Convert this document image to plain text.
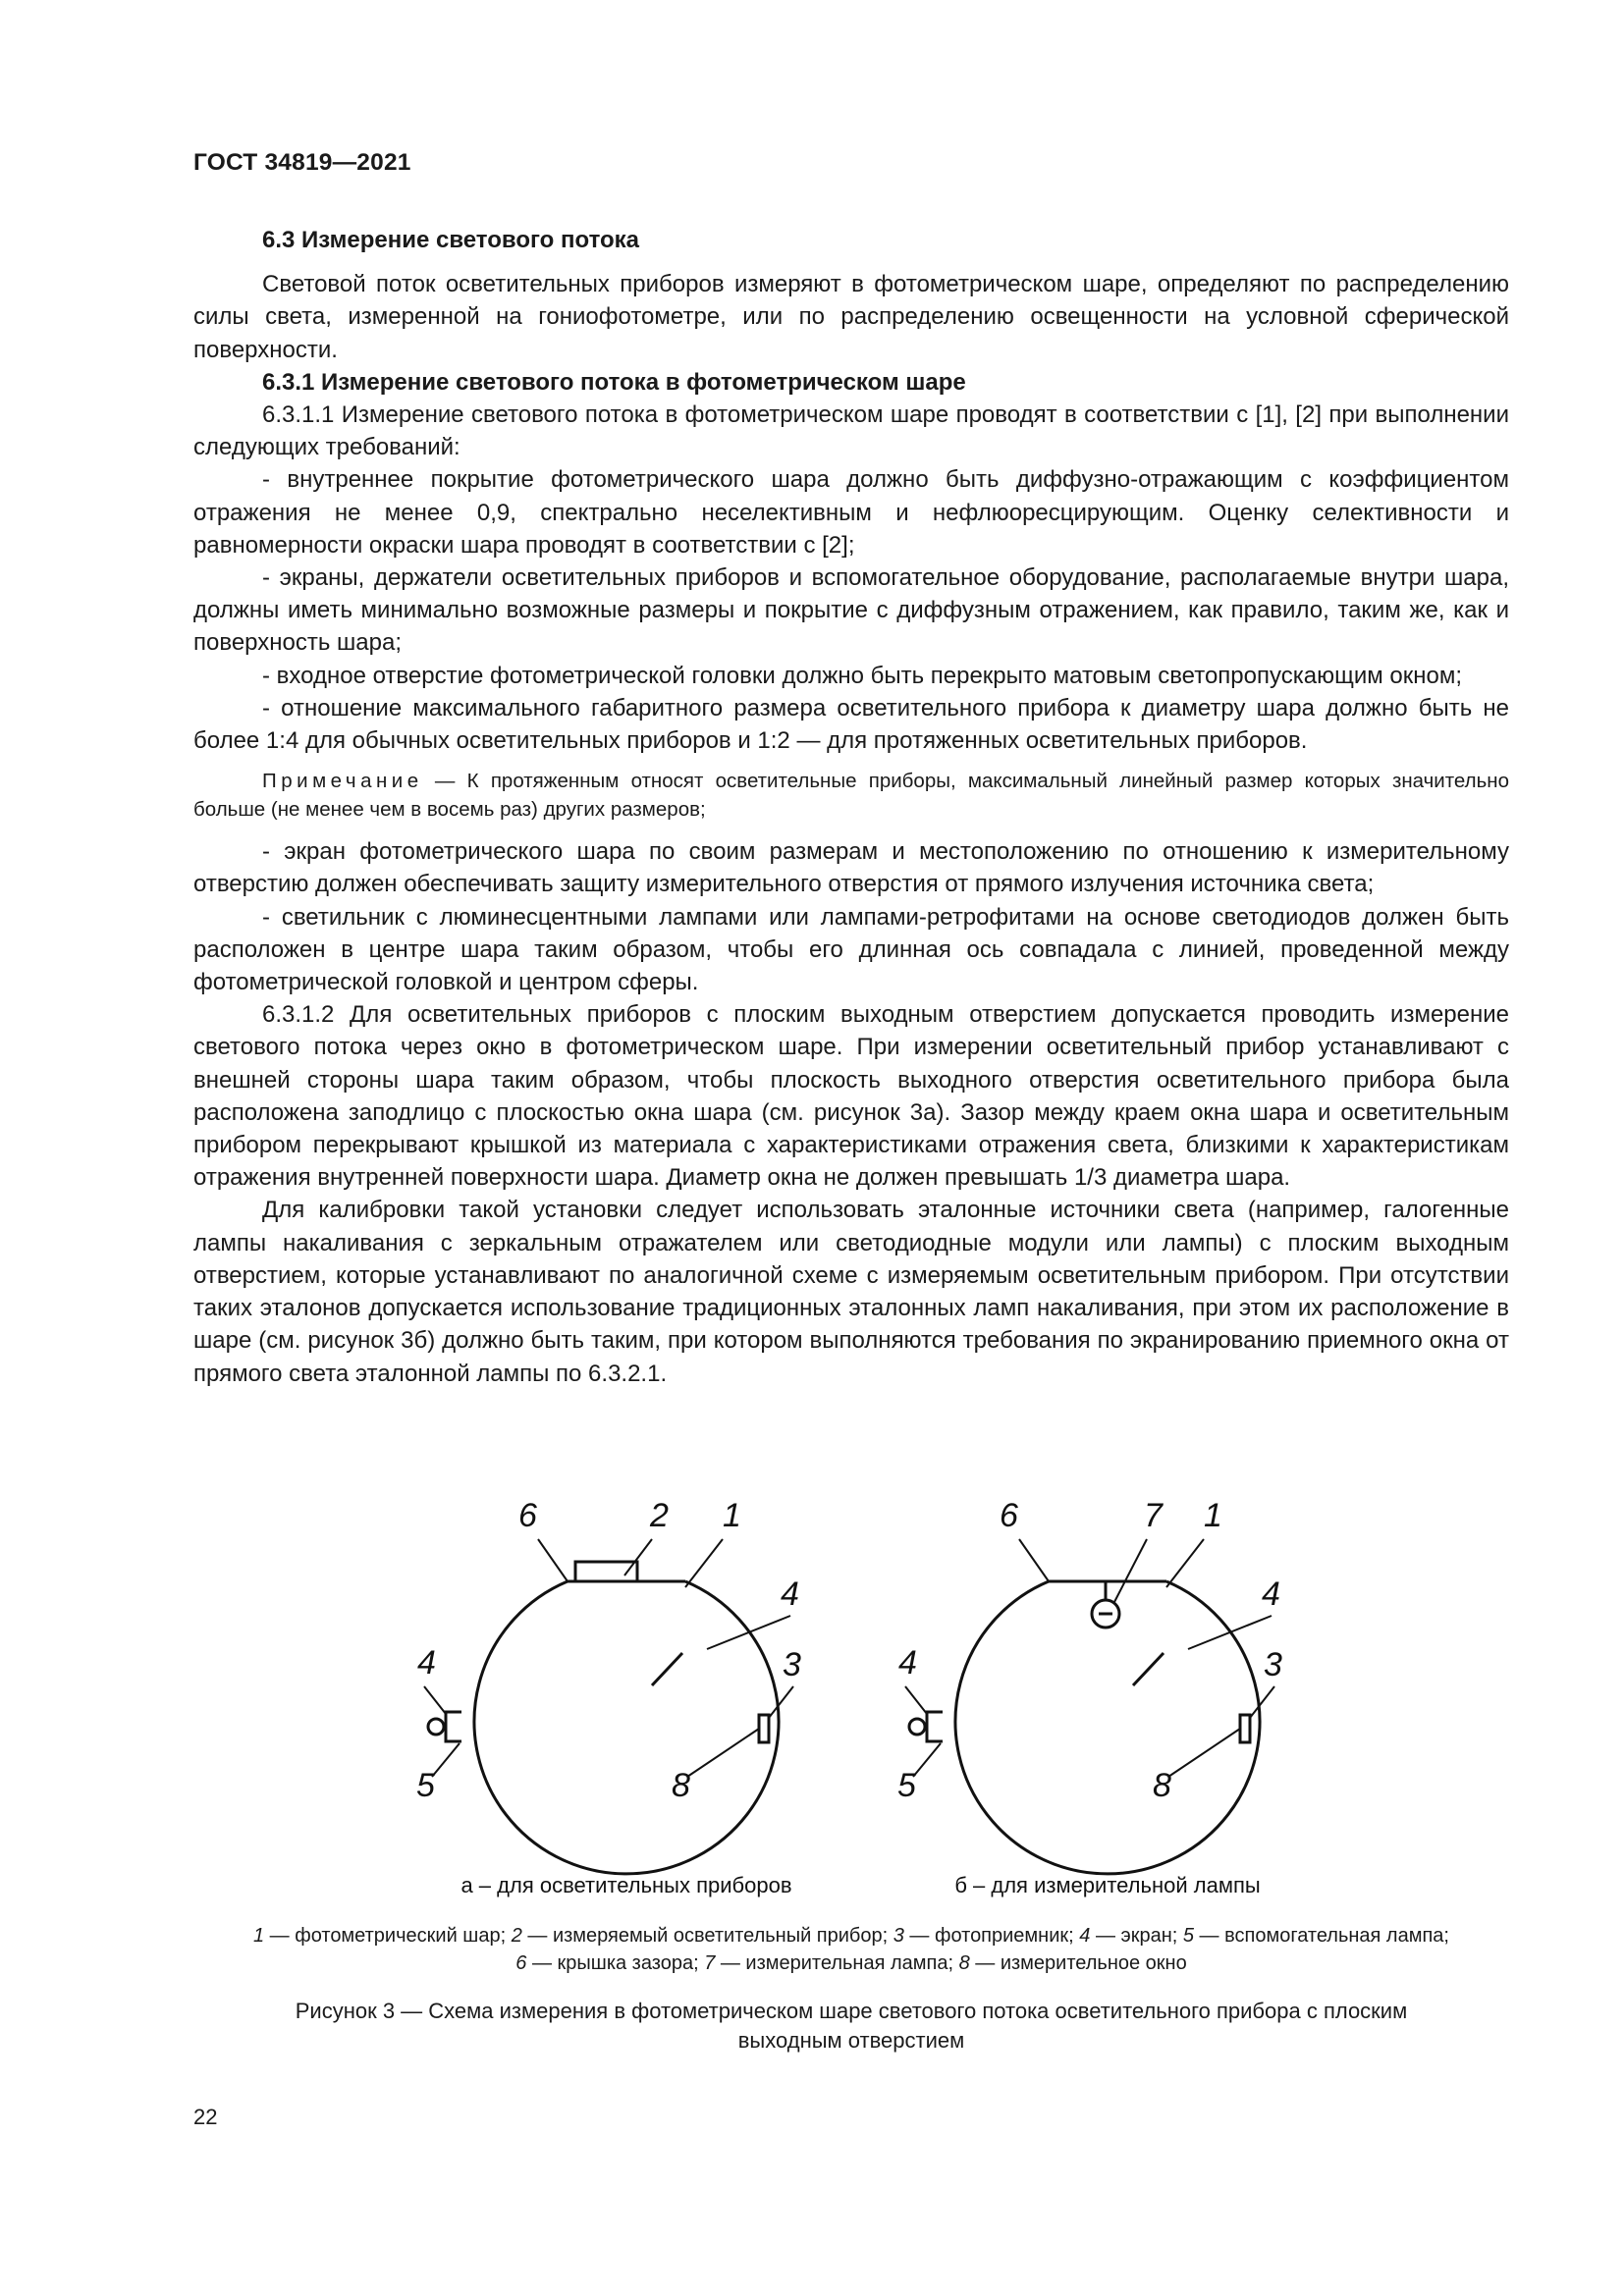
ГОСТ 34819—2021
6.3 Измерение светового потока

Световой поток осветительных приборов измеряют в фотометрическом шаре, определяют по распределению силы света, измеренной на гониофотометре, или по распределению освещенности на условной сферической поверхности.

6.3.1 Измерение светового потока в фотометрическом шаре

6.3.1.1 Измерение светового потока в фотометрическом шаре проводят в соответствии с [1], [2] при выполнении следующих требований:

- внутреннее покрытие фотометрического шара должно быть диффузно-отражающим с коэффициентом отражения не менее 0,9, спектрально неселективным и нефлюоресцирующим. Оценку селективности и равномерности окраски шара проводят в соответствии с [2];

- экраны, держатели осветительных приборов и вспомогательное оборудование, располагаемые внутри шара, должны иметь минимально возможные размеры и покрытие с диффузным отражением, как правило, таким же, как и поверхность шара;

- входное отверстие фотометрической головки должно быть перекрыто матовым светопропускающим окном;

- отношение максимального габаритного размера осветительного прибора к диаметру шара должно быть не более 1:4 для обычных осветительных приборов и 1:2 — для протяженных осветительных приборов.

Примечание — К протяженным относят осветительные приборы, максимальный линейный размер которых значительно больше (не менее чем в восемь раз) других размеров;

- экран фотометрического шара по своим размерам и местоположению по отношению к измерительному отверстию должен обеспечивать защиту измерительного отверстия от прямого излучения источника света;

- светильник с люминесцентными лампами или лампами-ретрофитами на основе светодиодов должен быть расположен в центре шара таким образом, чтобы его длинная ось совпадала с линией, проведенной между фотометрической головкой и центром сферы.

6.3.1.2 Для осветительных приборов с плоским выходным отверстием допускается проводить измерение светового потока через окно в фотометрическом шаре. При измерении осветительный прибор устанавливают с внешней стороны шара таким образом, чтобы плоскость выходного отверстия осветительного прибора была расположена заподлицо с плоскостью окна шара (см. рисунок 3а). Зазор между краем окна шара и осветительным прибором перекрывают крышкой из материала с характеристиками отражения света, близкими к характеристикам отражения внутренней поверхности шара. Диаметр окна не должен превышать 1/3 диаметра шара.

Для калибровки такой установки следует использовать эталонные источники света (например, галогенные лампы накаливания с зеркальным отражателем или светодиодные модули или лампы) с плоским выходным отверстием, которые устанавливают по аналогичной схеме с измеряемым осветительным прибором. При отсутствии таких эталонов допускается использование традиционных эталонных ламп накаливания, при этом их расположение в шаре (см. рисунок 3б) должно быть таким, при котором выполняются требования по экранированию приемного окна от прямого света эталонной лампы по 6.3.2.1.

6	2 1
4
4	3
5	8
6	7 1
4
4	3
5	8
а – для осветительных приборов	б – для измерительной лампы
1 — фотометрический шар; 2 — измеряемый осветительный прибор; 3 — фотоприемник; 4 — экран; 5 — вспомогательная лампа;
6 — крышка зазора; 7 — измерительная лампа; 8 — измерительное окно
Рисунок 3 — Схема измерения в фотометрическом шаре светового потока осветительного прибора с плоским
выходным отверстием
22
